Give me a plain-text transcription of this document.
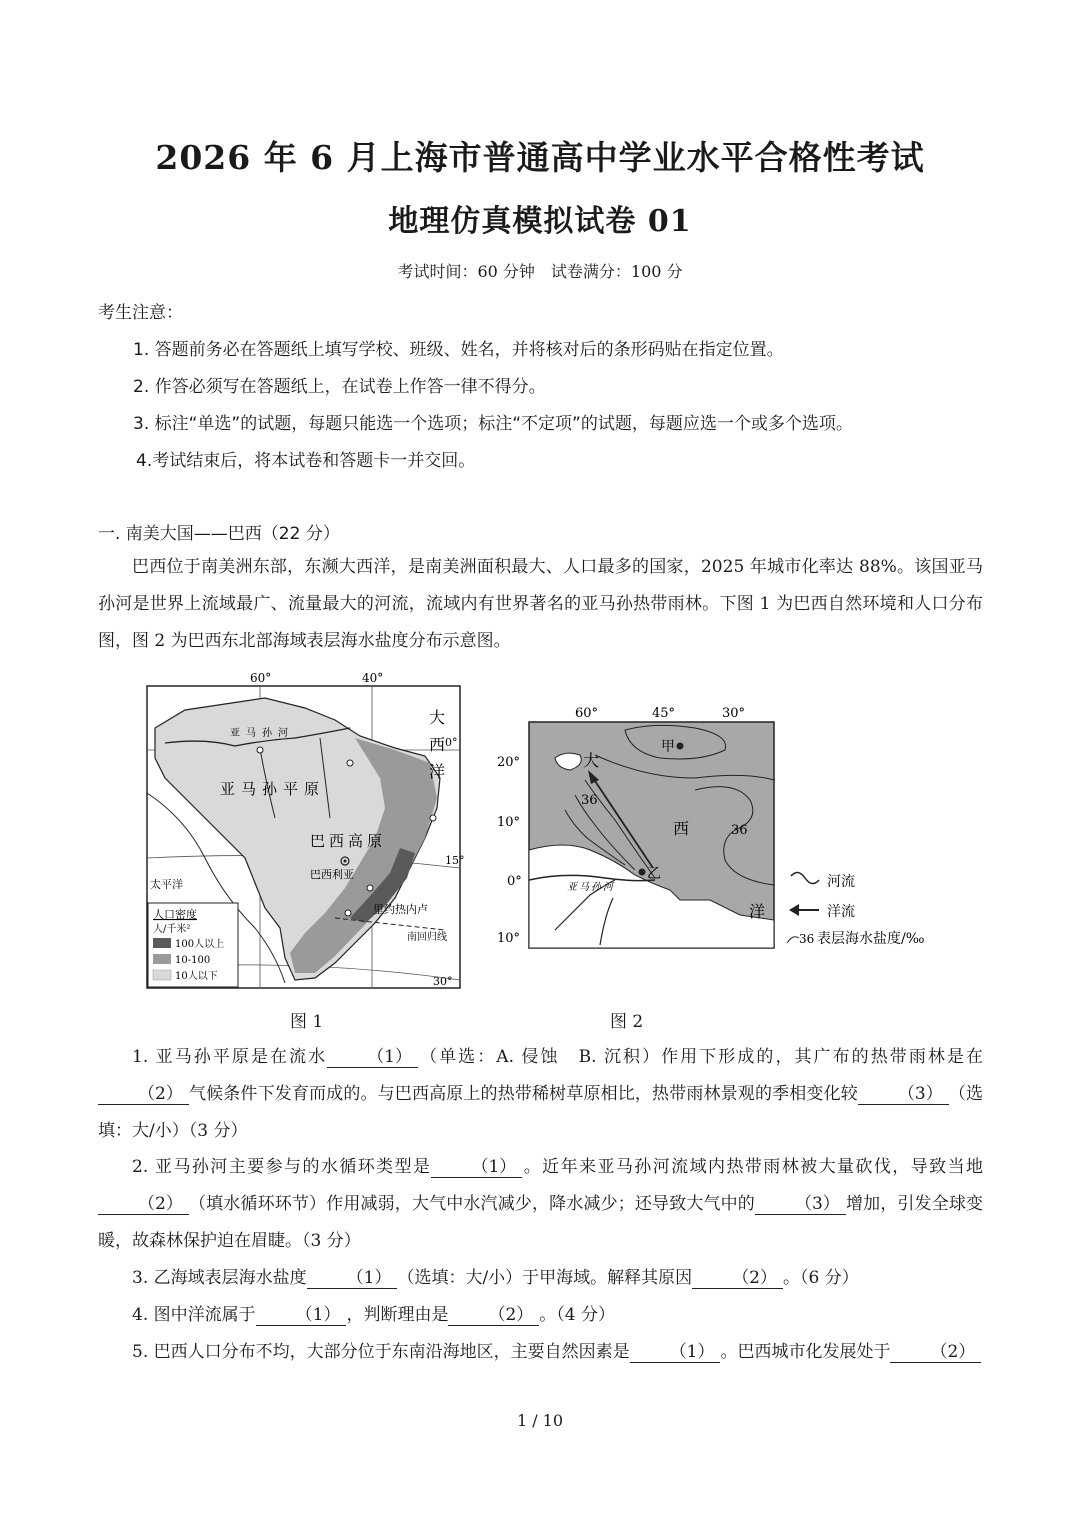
2026 年 6 月上海市普通高中学业水平合格性考试
地理仿真模拟试卷 01
考试时间：60 分钟　试卷满分：100 分
考生注意：
1. 答题前务必在答题纸上填写学校、班级、姓名，并将核对后的条形码贴在指定位置。
2. 作答必须写在答题纸上，在试卷上作答一律不得分。
3. 标注“单选”的试题，每题只能选一个选项；标注“不定项”的试题，每题应选一个或多个选项。
4.考试结束后，将本试卷和答题卡一并交回。
一. 南美大国——巴西（22 分）
巴西位于南美洲东部，东濒大西洋，是南美洲面积最大、人口最多的国家，2025 年城市化率达 88%。该国亚马孙河是世界上流域最广、流量最大的河流，流域内有世界著名的亚马孙热带雨林。下图 1 为巴西自然环境和人口分布图，图 2 为巴西东北部海域表层海水盐度分布示意图。
60°	40°
0°
15°
30°
大
西
洋
亚马孙平原
巴西高原
巴西利亚
里约热内卢
南回归线
太平洋
亚马孙河
人口密度
人/千米²
100人以上
10-100
10人以下
60°	45°	30°
20°
10°
0°
10°
甲
乙
大
西
洋
36
36
亚马孙河	河流
洋流
36 表层海水盐度/‰
图 1	图 2
1. 亚马孙平原是在流水 （1） （单选：A. 侵蚀　B. 沉积）作用下形成的，其广布的热带雨林是在（2） 气候条件下发育而成的。与巴西高原上的热带稀树草原相比，热带雨林景观的季相变化较 （3） （选填：大/小）（3 分）
2. 亚马孙河主要参与的水循环类型是 （1） 。近年来亚马孙河流域内热带雨林被大量砍伐，导致当地（2） （填水循环环节）作用减弱，大气中水汽减少，降水减少；还导致大气中的 （3） 增加，引发全球变暖，故森林保护迫在眉睫。（3 分）
3. 乙海域表层海水盐度 （1） （选填：大/小）于甲海域。解释其原因 （2） 。（6 分）
4. 图中洋流属于 （1） ，判断理由是 （2） 。（4 分）
5. 巴西人口分布不均，大部分位于东南沿海地区，主要自然因素是 （1） 。巴西城市化发展处于 （2）
1 / 10
